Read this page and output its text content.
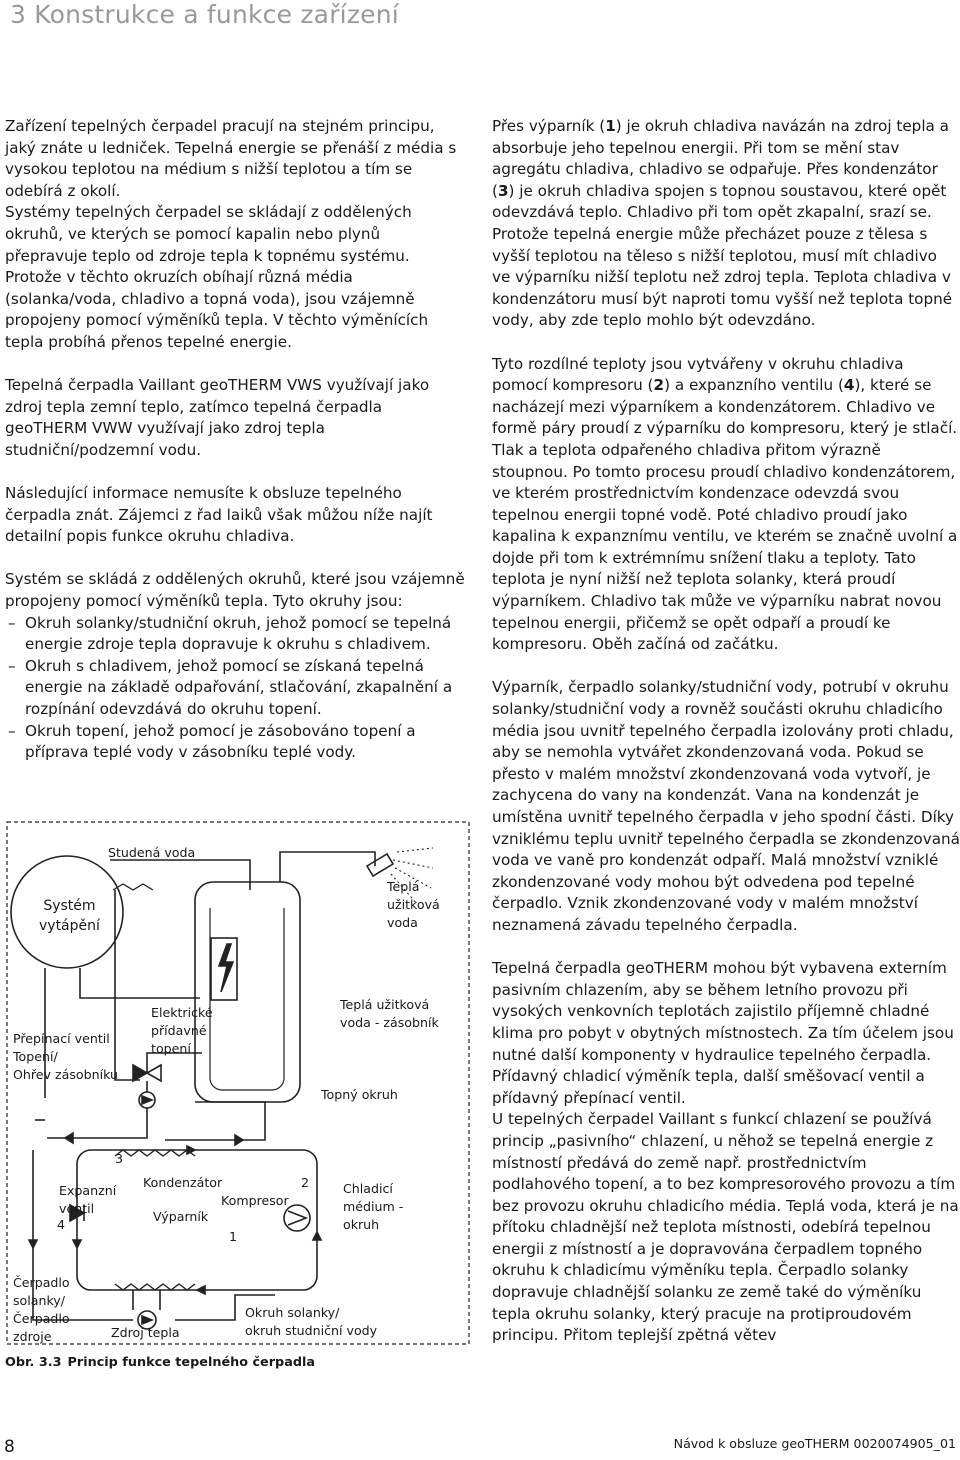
3 Konstrukce a funkce zařízení

Zařízení tepelných čerpadel pracují na stejném principu, jaký znáte u ledniček. Tepelná energie se přenáší z média s vysokou teplotou na médium s nižší teplotou a tím se odebírá z okolí.

Systémy tepelných čerpadel se skládají z oddělených okruhů, ve kterých se pomocí kapalin nebo plynů přepravuje teplo od zdroje tepla k topnému systému. Protože v těchto okruzích obíhají různá média (solanka/voda, chladivo a topná voda), jsou vzájemně propojeny pomocí výměníků tepla. V těchto výměnících tepla probíhá přenos tepelné energie.

Tepelná čerpadla Vaillant geoTHERM VWS využívají jako zdroj tepla zemní teplo, zatímco tepelná čerpadla geoTHERM VWW využívají jako zdroj tepla studniční/podzemní vodu.

Následující informace nemusíte k obsluze tepelného čerpadla znát. Zájemci z řad laiků však můžou níže najít detailní popis funkce okruhu chladiva.

Systém se skládá z oddělených okruhů, které jsou vzájemně propojeny pomocí výměníků tepla. Tyto okruhy jsou:

– Okruh solanky/studniční okruh, jehož pomocí se tepelná energie zdroje tepla dopravuje k okruhu s chladivem.
– Okruh s chladivem, jehož pomocí se získaná tepelná energie na základě odpařování, stlačování, zkapalnění a rozpínání odevzdává do okruhu topení.
– Okruh topení, jehož pomocí je zásobováno topení a příprava teplé vody v zásobníku teplé vody.

Přes výparník (1) je okruh chladiva navázán na zdroj tepla a absorbuje jeho tepelnou energii. Při tom se mění stav agregátu chladiva, chladivo se odpařuje. Přes kondenzátor (3) je okruh chladiva spojen s topnou soustavou, které opět odevzdává teplo. Chladivo při tom opět zkapalní, srazí se.

Protože tepelná energie může přecházet pouze z tělesa s vyšší teplotou na těleso s nižší teplotou, musí mít chladivo ve výparníku nižší teplotu než zdroj tepla. Teplota chladiva v kondenzátoru musí být naproti tomu vyšší než teplota topné vody, aby zde teplo mohlo být odevzdáno.

Tyto rozdílné teploty jsou vytvářeny v okruhu chladiva pomocí kompresoru (2) a expanzního ventilu (4), které se nacházejí mezi výparníkem a kondenzátorem. Chladivo ve formě páry proudí z výparníku do kompresoru, který je stlačí. Tlak a teplota odpařeného chladiva přitom výrazně stoupnou. Po tomto procesu proudí chladivo kondenzátorem, ve kterém prostřednictvím kondenzace odevzdá svou tepelnou energii topné vodě. Poté chladivo proudí jako kapalina k expanznímu ventilu, ve kterém se značně uvolní a dojde při tom k extrémnímu snížení tlaku a teploty. Tato teplota je nyní nižší než teplota solanky, která proudí výparníkem. Chladivo tak může ve výparníku nabrat novou tepelnou energii, přičemž se opět odpaří a proudí ke kompresoru. Oběh začíná od začátku.

Výparník, čerpadlo solanky/studniční vody, potrubí v okruhu solanky/studniční vody a rovněž součásti okruhu chladicího média jsou uvnitř tepelného čerpadla izolovány proti chladu, aby se nemohla vytvářet zkondenzovaná voda. Pokud se přesto v malém množství zkondenzovaná voda vytvoří, je zachycena do vany na kondenzát. Vana na kondenzát je umístěna uvnitř tepelného čerpadla v jeho spodní části. Díky vzniklému teplu uvnitř tepelného čerpadla se zkondenzovaná voda ve vaně pro kondenzát odpaří. Malá množství vzniklé zkondenzované vody mohou být odvedena pod tepelné čerpadlo. Vznik zkondenzované vody v malém množství neznamená závadu tepelného čerpadla.

Tepelná čerpadla geoTHERM mohou být vybavena externím pasivním chlazením, aby se během letního provozu při vysokých venkovních teplotách zajistilo příjemně chladné klima pro pobyt v obytných místnostech. Za tím účelem jsou nutné další komponenty v hydraulice tepelného čerpadla. Přídavný chladicí výměník tepla, další směšovací ventil a přídavný přepínací ventil.

U tepelných čerpadel Vaillant s funkcí chlazení se používá princip „pasivního“ chlazení, u něhož se tepelná energie z místností předává do země např. prostřednictvím podlahového topení, a to bez kompresorového provozu a tím bez provozu okruhu chladicího média. Teplá voda, která je na přítoku chladnější než teplota místnosti, odebírá tepelnou energii z místností a je dopravována čerpadlem topného okruhu k chladicímu výměníku tepla. Čerpadlo solanky dopravuje chladnější solanku ze země také do výměníku tepla okruhu solanky, který pracuje na protiproudovém principu. Přitom teplejší zpětná větev

Studená voda
Systém
vytápění
Teplá
užitková
voda
Elektrické
přídavné
topení
Teplá užitková
voda - zásobník
Přepínací ventil
Topení/
Ohřev zásobníku
Topný okruh
3
Kondenzátor	2	Chladicí
médium -
okruh
Expanzní
ventil
4
Kompresor
Výparník
1
Čerpadlo
solanky/
Čerpadlo
zdroje	Zdroj tepla
Okruh solanky/
okruh studniční vody
Obr. 3.3 Princip funkce tepelného čerpadla
8	Návod k obsluze geoTHERM 0020074905_01
